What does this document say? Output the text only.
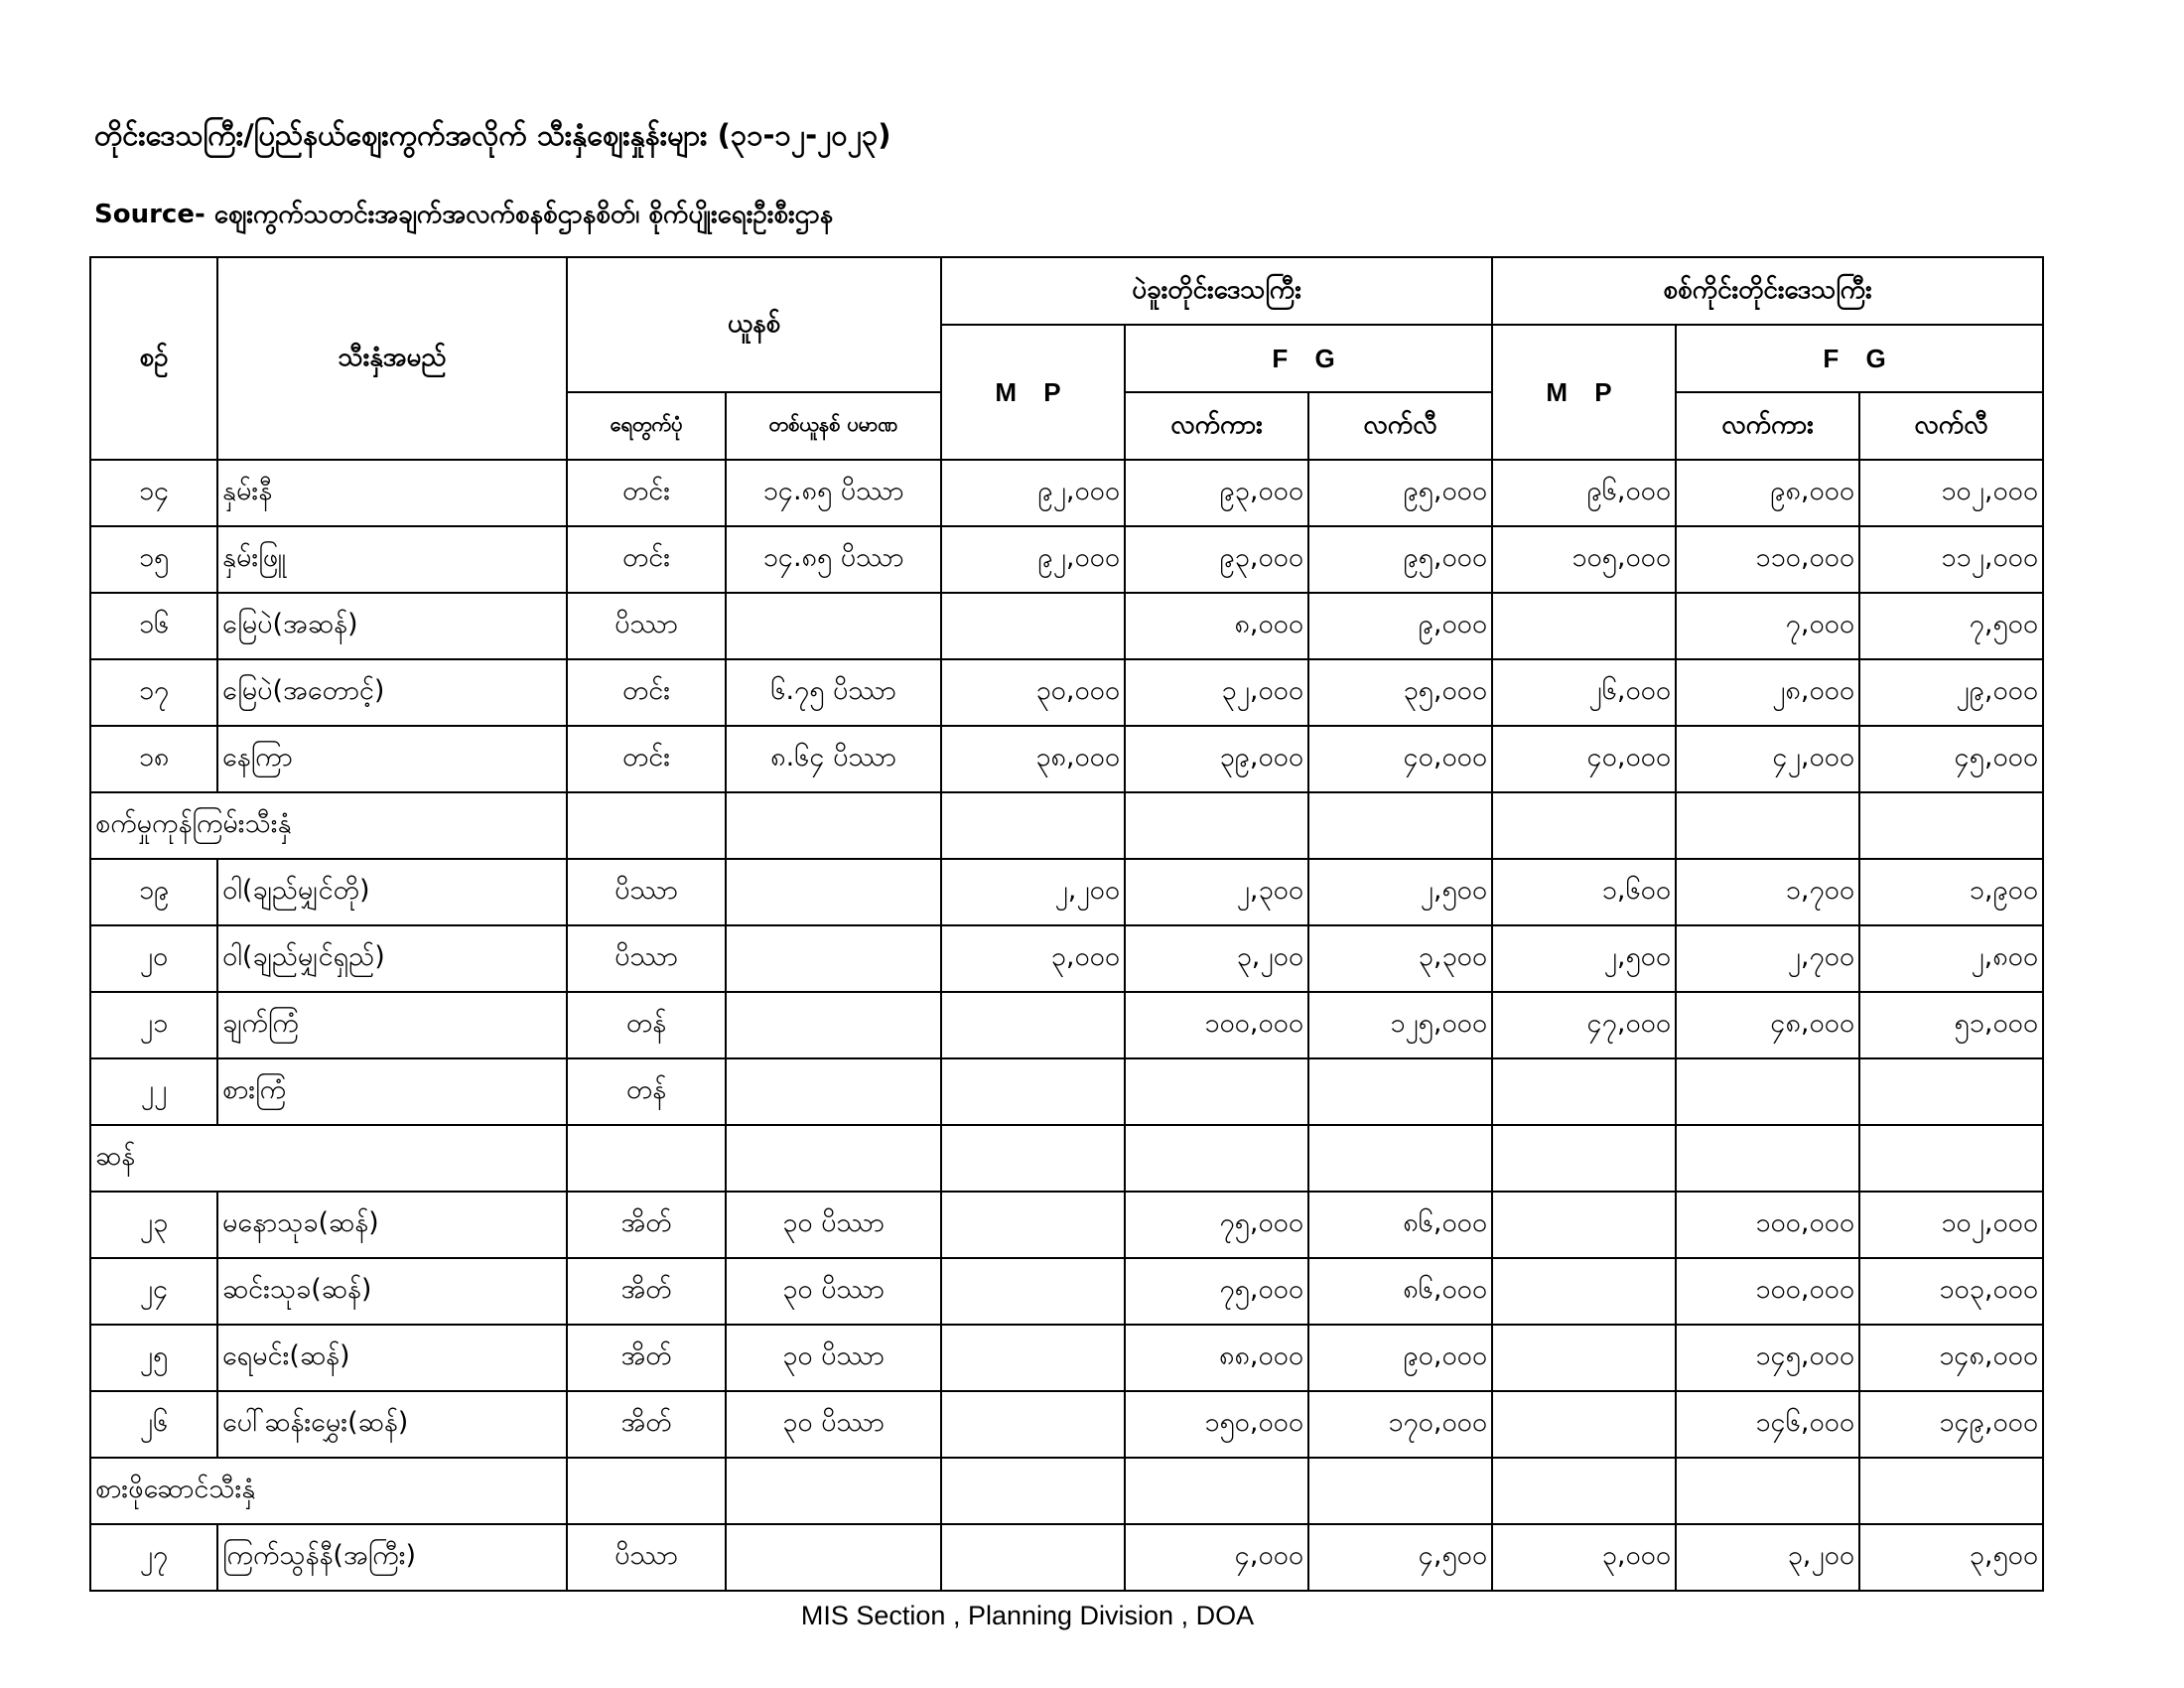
တိုင်းဒေသကြီး/ပြည်နယ်ဈေးကွက်အလိုက် သီးနှံဈေးနှုန်းများ (၃၁-၁၂-၂၀၂၃)
Source- ဈေးကွက်သတင်းအချက်အလက်စနစ်ဌာနစိတ်၊ စိုက်ပျိုးရေးဦးစီးဌာန
စဉ်	သီးနှံအမည်	ယူနစ်		ပဲခူးတိုင်းဒေသကြီး			စစ်ကိုင်းတိုင်းဒေသကြီး		
				M P	F G		M P	F G	
		ရေတွက်ပုံ	တစ်ယူနစ် ပမာဏ		လက်ကား	လက်လီ		လက်ကား	လက်လီ
၁၄	နှမ်းနီ	တင်း	၁၄.၈၅ ပိဿာ	၉၂,၀၀၀	၉၃,၀၀၀	၉၅,၀၀၀	၉၆,၀၀၀	၉၈,၀၀၀	၁၀၂,၀၀၀
၁၅	နှမ်းဖြူ	တင်း	၁၄.၈၅ ပိဿာ	၉၂,၀၀၀	၉၃,၀၀၀	၉၅,၀၀၀	၁၀၅,၀၀၀	၁၁၀,၀၀၀	၁၁၂,၀၀၀
၁၆	မြေပဲ(အဆန်)	ပိဿာ			၈,၀၀၀	၉,၀၀၀		၇,၀၀၀	၇,၅၀၀
၁၇	မြေပဲ(အတောင့်)	တင်း	၆.၇၅ ပိဿာ	၃၀,၀၀၀	၃၂,၀၀၀	၃၅,၀၀၀	၂၆,၀၀၀	၂၈,၀၀၀	၂၉,၀၀၀
၁၈	နေကြာ	တင်း	၈.၆၄ ပိဿာ	၃၈,၀၀၀	၃၉,၀၀၀	၄၀,၀၀၀	၄၀,၀၀၀	၄၂,၀၀၀	၄၅,၀၀၀
စက်မှုကုန်ကြမ်းသီးနှံ									
၁၉	ဝါ(ချည်မျှင်တို)	ပိဿာ		၂,၂၀၀	၂,၃၀၀	၂,၅၀၀	၁,၆၀၀	၁,၇၀၀	၁,၉၀၀
၂၀	ဝါ(ချည်မျှင်ရှည်)	ပိဿာ		၃,၀၀၀	၃,၂၀၀	၃,၃၀၀	၂,၅၀၀	၂,၇၀၀	၂,၈၀၀
၂၁	ချက်ကြံ	တန်			၁၀၀,၀၀၀	၁၂၅,၀၀၀	၄၇,၀၀၀	၄၈,၀၀၀	၅၁,၀၀၀
၂၂	စားကြံ	တန်							
ဆန်									
၂၃	မနောသုခ(ဆန်)	အိတ်	၃၀ ပိဿာ		၇၅,၀၀၀	၈၆,၀၀၀		၁၀၀,၀၀၀	၁၀၂,၀၀၀
၂၄	ဆင်းသုခ(ဆန်)	အိတ်	၃၀ ပိဿာ		၇၅,၀၀၀	၈၆,၀၀၀		၁၀၀,၀၀၀	၁၀၃,၀၀၀
၂၅	ရေမင်း(ဆန်)	အိတ်	၃၀ ပိဿာ		၈၈,၀၀၀	၉၀,၀၀၀		၁၄၅,၀၀၀	၁၄၈,၀၀၀
၂၆	ပေါ်ဆန်းမွှေး(ဆန်)	အိတ်	၃၀ ပိဿာ		၁၅၀,၀၀၀	၁၇၀,၀၀၀		၁၄၆,၀၀၀	၁၄၉,၀၀၀
စားဖိုဆောင်သီးနှံ									
၂၇	ကြက်သွန်နီ(အကြီး)	ပိဿာ			၄,၀၀၀	၄,၅၀၀	၃,၀၀၀	၃,၂၀၀	၃,၅၀၀
MIS Section , Planning Division , DOA
